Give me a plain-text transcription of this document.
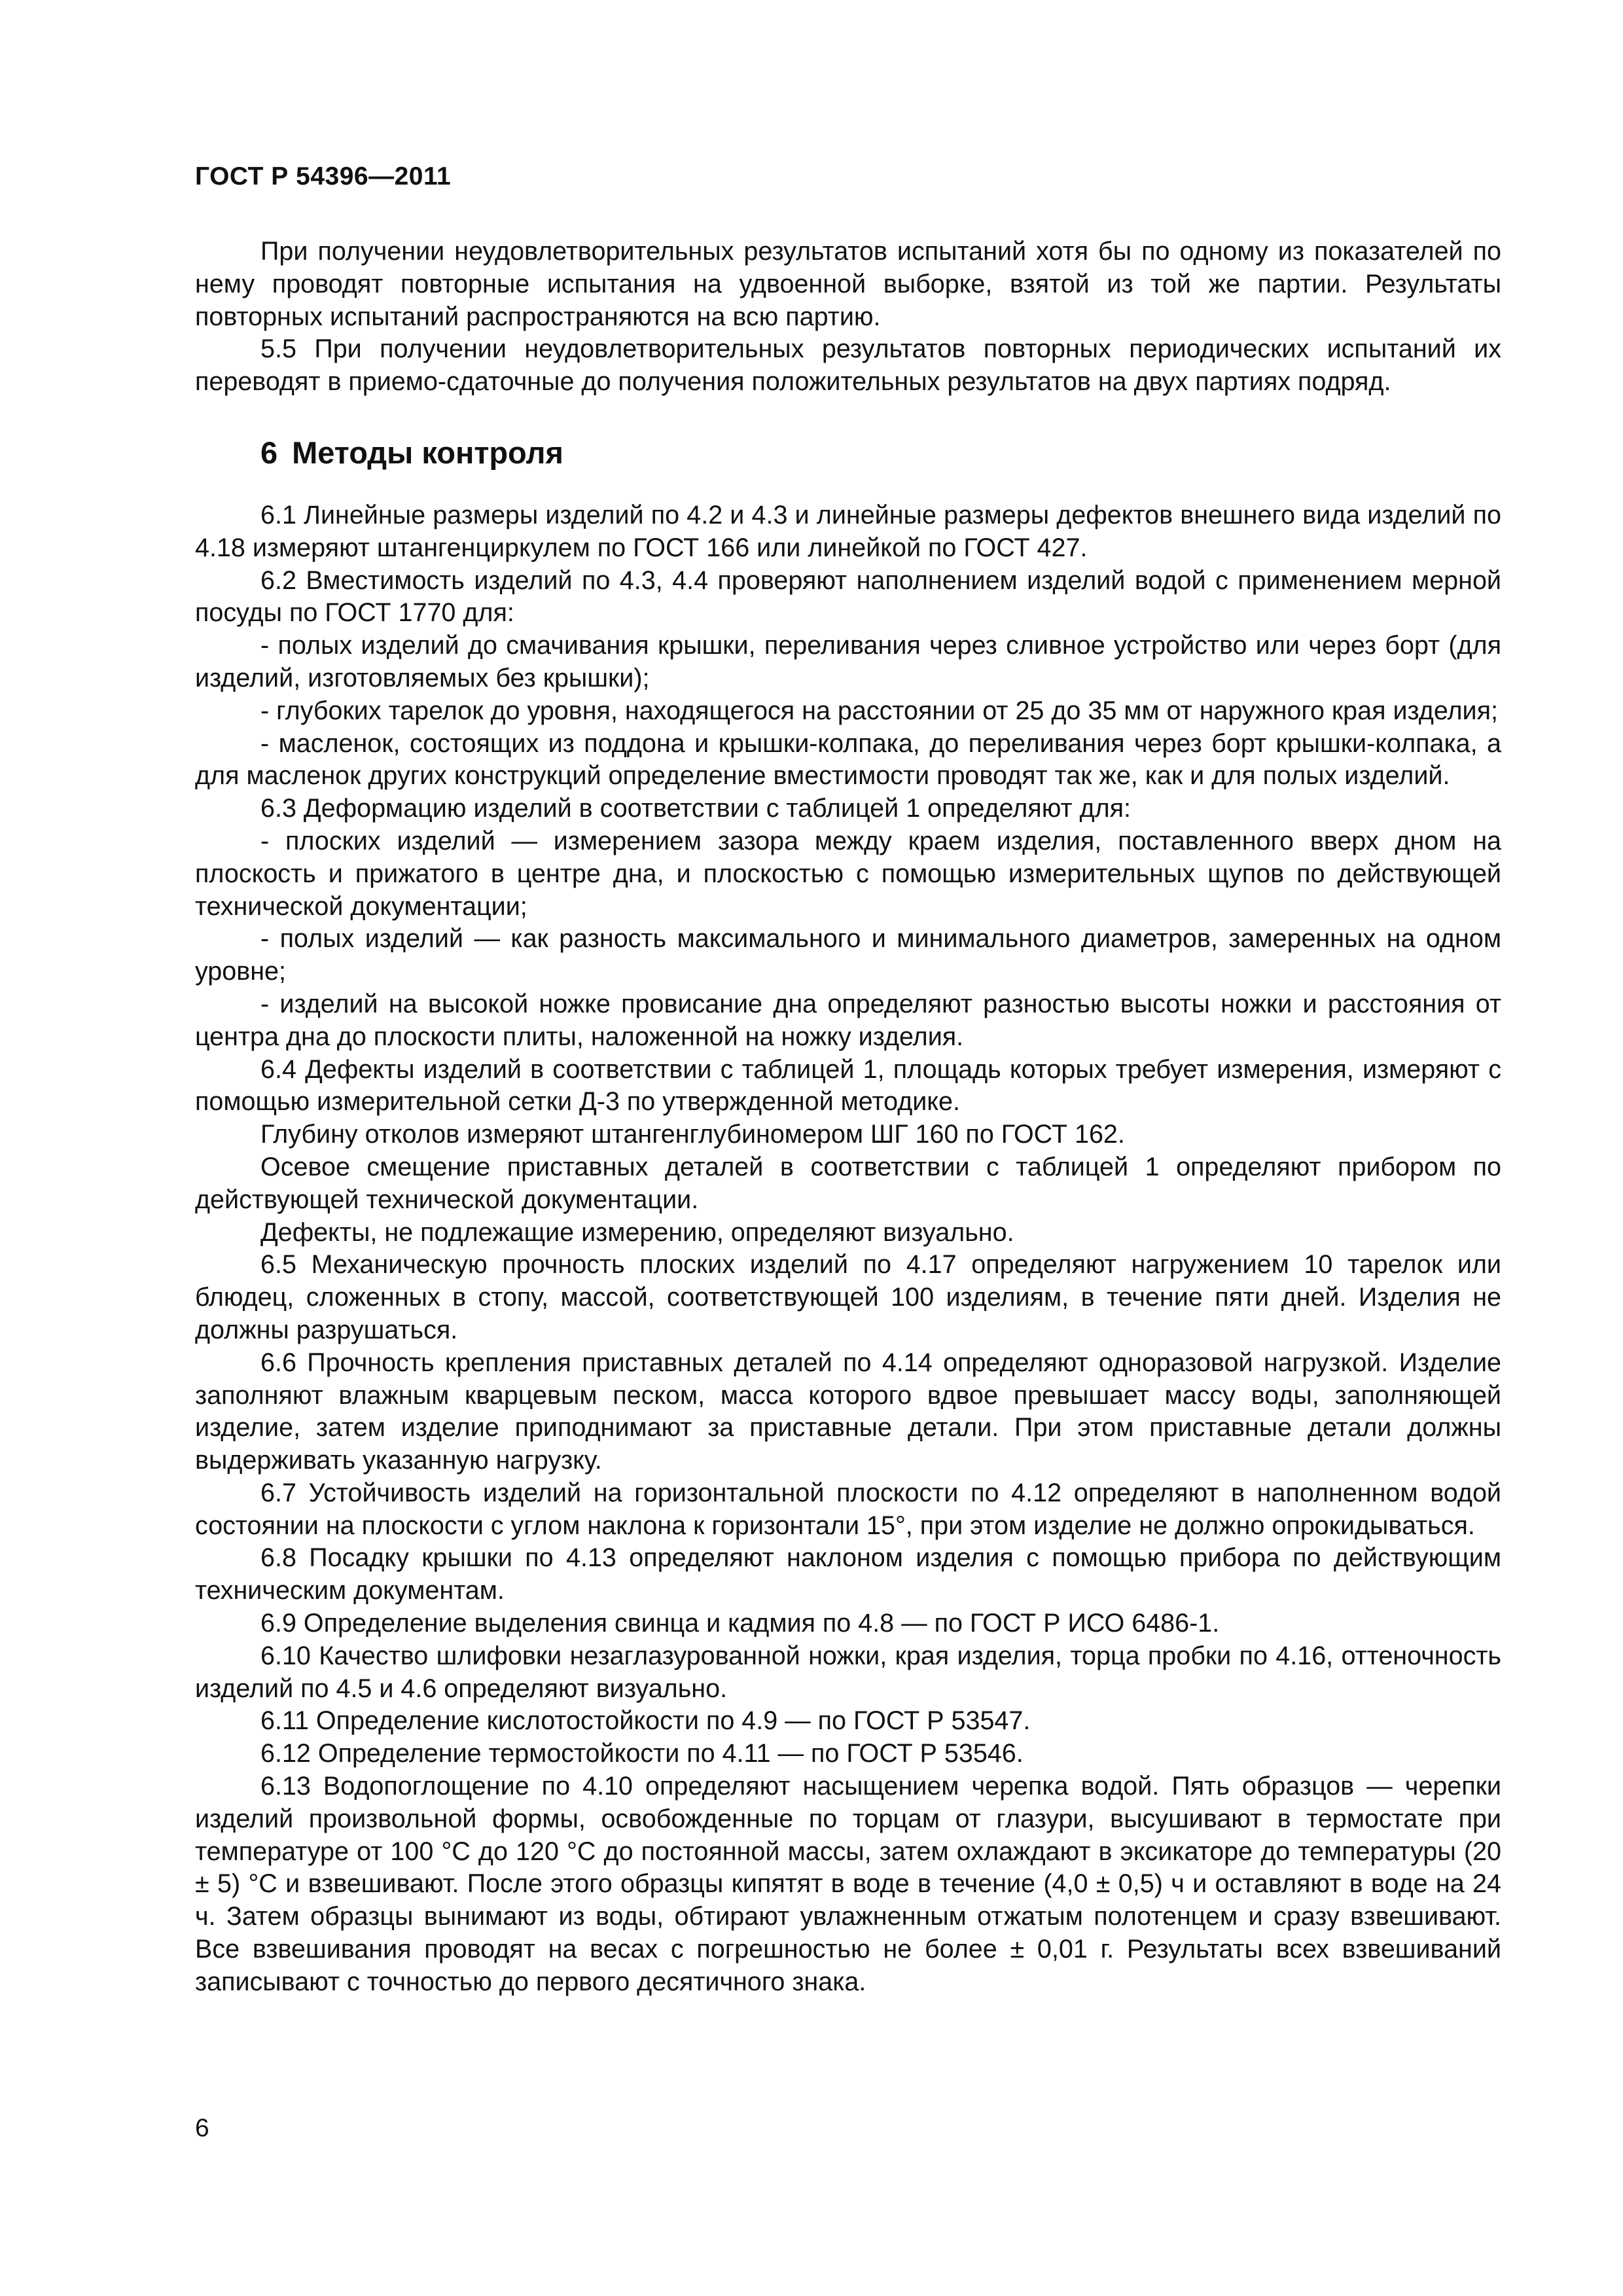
ГОСТ Р 54396—2011

При получении неудовлетворительных результатов испытаний хотя бы по одному из показателей по нему проводят повторные испытания на удвоенной выборке, взятой из той же партии. Результаты повторных испытаний распространяются на всю партию.

5.5 При получении неудовлетворительных результатов повторных периодических испытаний их переводят в приемо-сдаточные до получения положительных результатов на двух партиях подряд.

6 Методы контроля

6.1 Линейные размеры изделий по 4.2 и 4.3 и линейные размеры дефектов внешнего вида изделий по 4.18 измеряют штангенциркулем по ГОСТ 166 или линейкой по ГОСТ 427.

6.2 Вместимость изделий по 4.3, 4.4 проверяют наполнением изделий водой с применением мерной посуды по ГОСТ 1770 для:

- полых изделий до смачивания крышки, переливания через сливное устройство или через борт (для изделий, изготовляемых без крышки);

- глубоких тарелок до уровня, находящегося на расстоянии от 25 до 35 мм от наружного края изделия;

- масленок, состоящих из поддона и крышки-колпака, до переливания через борт крышки-колпака, а для масленок других конструкций определение вместимости проводят так же, как и для полых изделий.

6.3 Деформацию изделий в соответствии с таблицей 1 определяют для:

- плоских изделий — измерением зазора между краем изделия, поставленного вверх дном на плоскость и прижатого в центре дна, и плоскостью с помощью измерительных щупов по действующей технической документации;

- полых изделий — как разность максимального и минимального диаметров, замеренных на одном уровне;

- изделий на высокой ножке провисание дна определяют разностью высоты ножки и расстояния от центра дна до плоскости плиты, наложенной на ножку изделия.

6.4 Дефекты изделий в соответствии с таблицей 1, площадь которых требует измерения, измеряют с помощью измерительной сетки Д-3 по утвержденной методике.

Глубину отколов измеряют штангенглубиномером ШГ 160 по ГОСТ 162.

Осевое смещение приставных деталей в соответствии с таблицей 1 определяют прибором по действующей технической документации.

Дефекты, не подлежащие измерению, определяют визуально.

6.5 Механическую прочность плоских изделий по 4.17 определяют нагружением 10 тарелок или блюдец, сложенных в стопу, массой, соответствующей 100 изделиям, в течение пяти дней. Изделия не должны разрушаться.

6.6 Прочность крепления приставных деталей по 4.14 определяют одноразовой нагрузкой. Изделие заполняют влажным кварцевым песком, масса которого вдвое превышает массу воды, заполняющей изделие, затем изделие приподнимают за приставные детали. При этом приставные детали должны выдерживать указанную нагрузку.

6.7 Устойчивость изделий на горизонтальной плоскости по 4.12 определяют в наполненном водой состоянии на плоскости с углом наклона к горизонтали 15°, при этом изделие не должно опрокидываться.

6.8 Посадку крышки по 4.13 определяют наклоном изделия с помощью прибора по действующим техническим документам.

6.9 Определение выделения свинца и кадмия по 4.8 — по ГОСТ Р ИСО 6486-1.

6.10 Качество шлифовки незаглазурованной ножки, края изделия, торца пробки по 4.16, оттеночность изделий по 4.5 и 4.6 определяют визуально.

6.11 Определение кислотостойкости по 4.9 — по ГОСТ Р 53547.

6.12 Определение термостойкости по 4.11 — по ГОСТ Р 53546.

6.13 Водопоглощение по 4.10 определяют насыщением черепка водой. Пять образцов — черепки изделий произвольной формы, освобожденные по торцам от глазури, высушивают в термостате при температуре от 100 °С до 120 °С до постоянной массы, затем охлаждают в эксикаторе до температуры (20 ± 5) °С и взвешивают. После этого образцы кипятят в воде в течение (4,0 ± 0,5) ч и оставляют в воде на 24 ч. Затем образцы вынимают из воды, обтирают увлажненным отжатым полотенцем и сразу взвешивают. Все взвешивания проводят на весах с погрешностью не более ± 0,01 г. Результаты всех взвешиваний записывают с точностью до первого десятичного знака.

6
